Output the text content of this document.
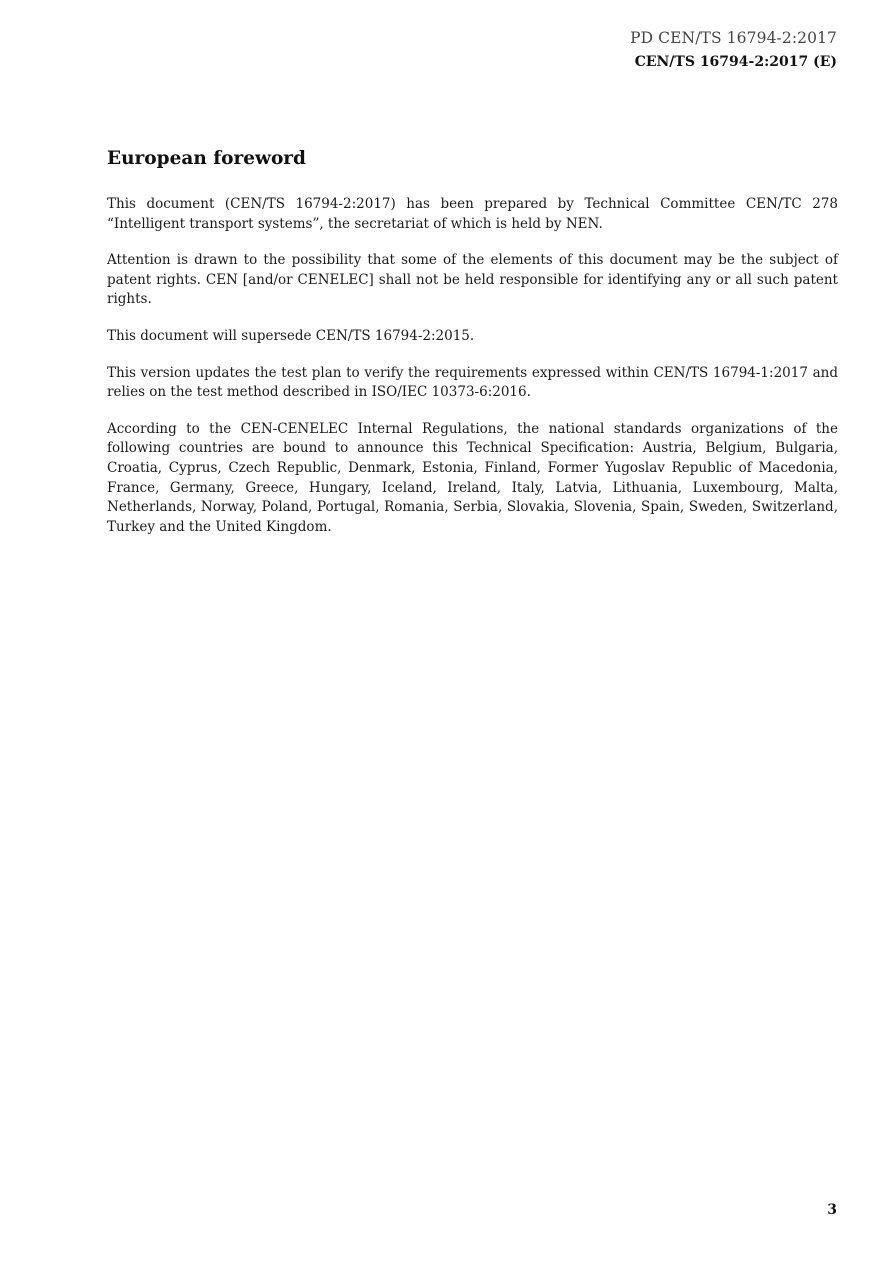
PD CEN/TS 16794-2:2017
CEN/TS 16794-2:2017 (E)
European foreword

This document (CEN/TS 16794-2:2017) has been prepared by Technical Committee CEN/TC 278 “Intelligent transport systems”, the secretariat of which is held by NEN.

Attention is drawn to the possibility that some of the elements of this document may be the subject of patent rights. CEN [and/or CENELEC] shall not be held responsible for identifying any or all such patent rights.

This document will supersede CEN/TS 16794-2:2015.

This version updates the test plan to verify the requirements expressed within CEN/TS 16794-1:2017 and relies on the test method described in ISO/IEC 10373-6:2016.

According to the CEN-CENELEC Internal Regulations, the national standards organizations of the following countries are bound to announce this Technical Specification: Austria, Belgium, Bulgaria, Croatia, Cyprus, Czech Republic, Denmark, Estonia, Finland, Former Yugoslav Republic of Macedonia, France, Germany, Greece, Hungary, Iceland, Ireland, Italy, Latvia, Lithuania, Luxembourg, Malta, Netherlands, Norway, Poland, Portugal, Romania, Serbia, Slovakia, Slovenia, Spain, Sweden, Switzerland, Turkey and the United Kingdom.

3
